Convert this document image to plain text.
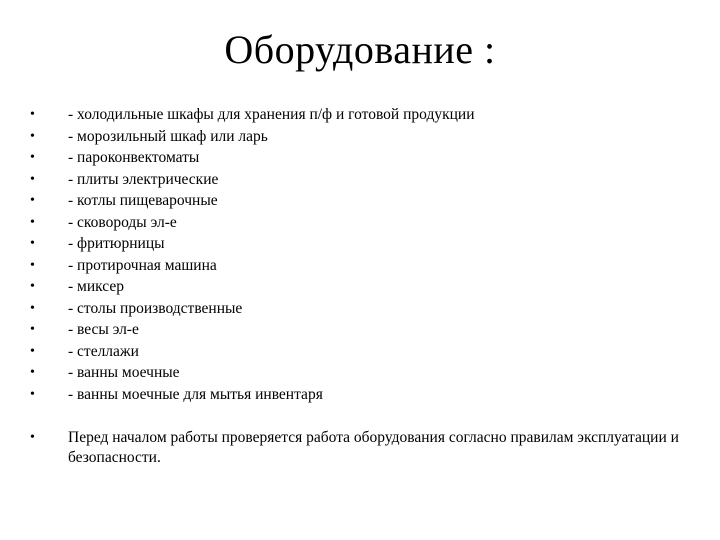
Оборудование :
•	- холодильные шкафы для хранения п/ф и готовой продукции
•	- морозильный шкаф или ларь
•	- пароконвектоматы
•	- плиты электрические
•	- котлы пищеварочные
•	- сковороды эл-е
•	- фритюрницы
•	- протирочная машина
•	- миксер
•	- столы производственные
•	- весы эл-е
•	- стеллажи
•	- ванны моечные
•	- ванны моечные для мытья инвентаря
•	Перед началом работы проверяется работа оборудования согласно правилам эксплуатации и безопасности.
